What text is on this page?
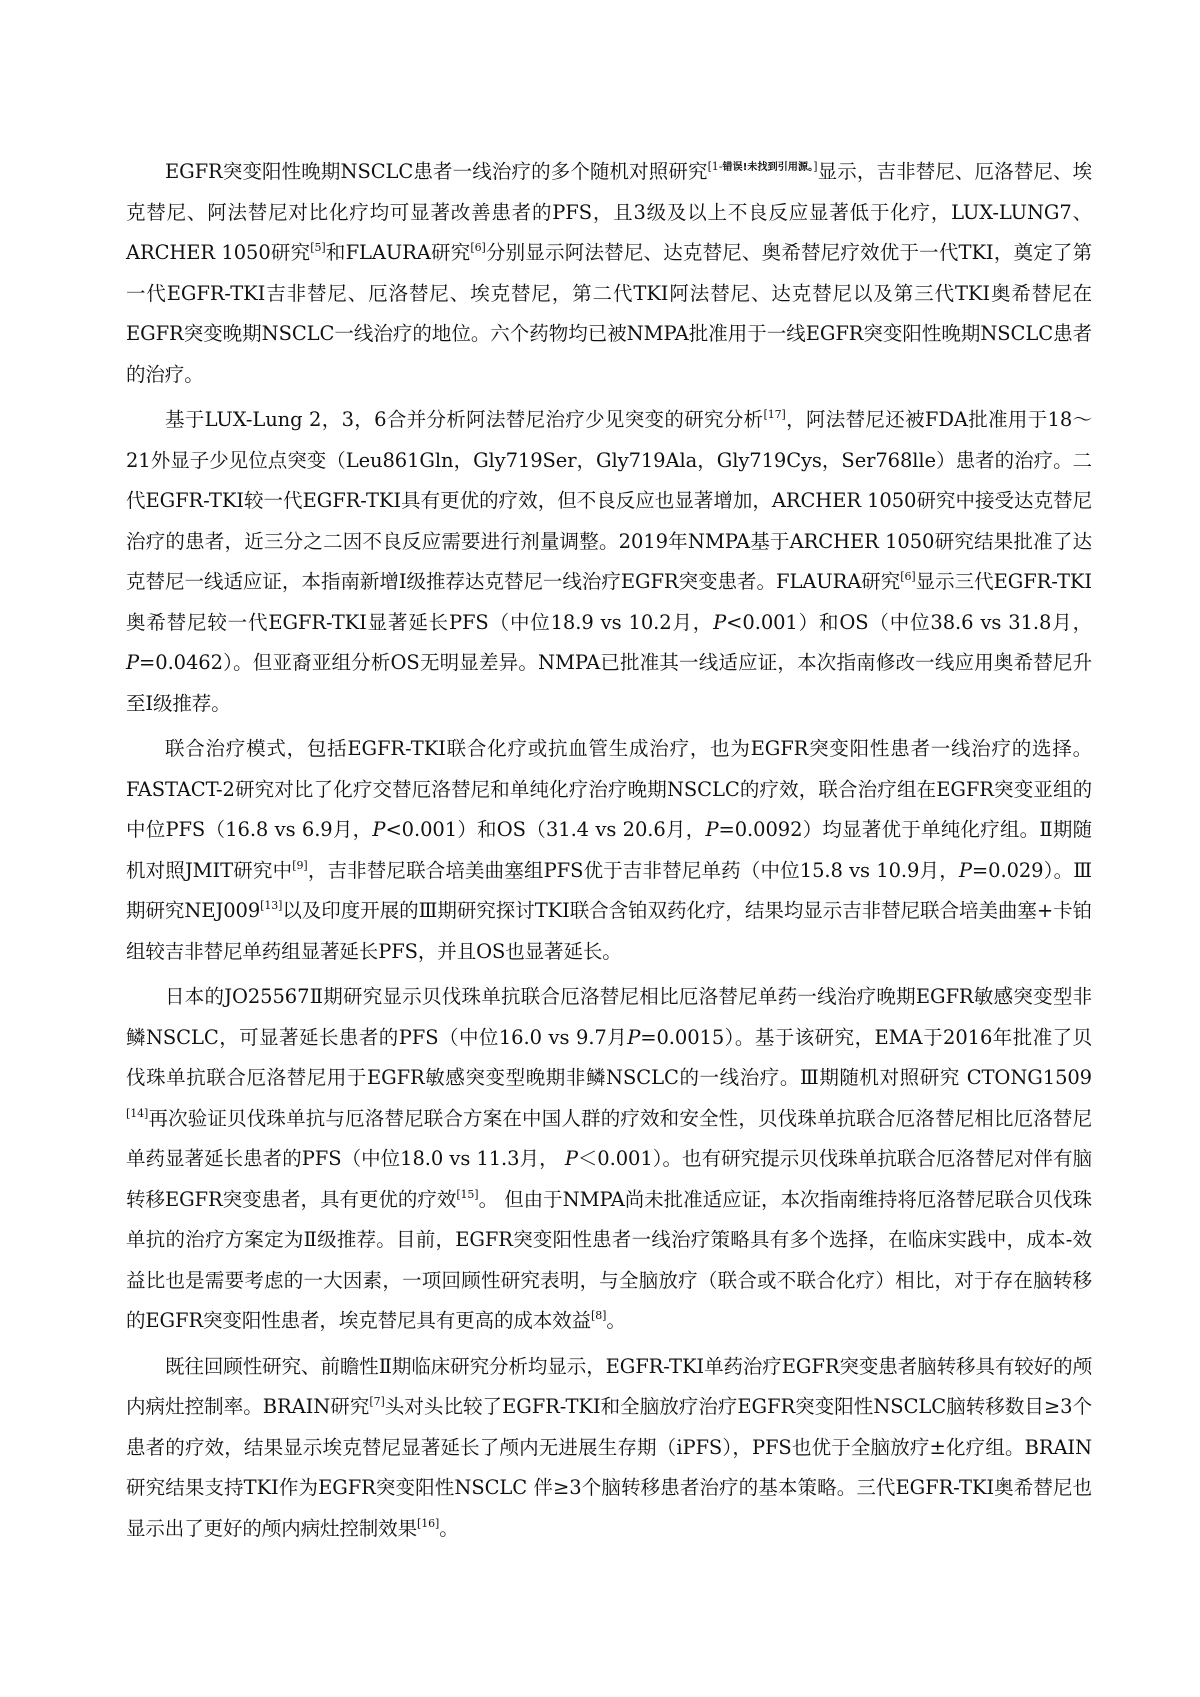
EGFR突变阳性晚期NSCLC患者一线治疗的多个随机对照研究[1-错误!未找到引用源。]显示，吉非替尼、厄洛替尼、埃克替尼、阿法替尼对比化疗均可显著改善患者的PFS，且3级及以上不良反应显著低于化疗，LUX-LUNG7、ARCHER 1050研究[5]和FLAURA研究[6]分别显示阿法替尼、达克替尼、奥希替尼疗效优于一代TKI，奠定了第一代EGFR-TKI吉非替尼、厄洛替尼、埃克替尼，第二代TKI阿法替尼、达克替尼以及第三代TKI奥希替尼在EGFR突变晚期NSCLC一线治疗的地位。六个药物均已被NMPA批准用于一线EGFR突变阳性晚期NSCLC患者的治疗。

基于LUX-Lung 2，3，6合并分析阿法替尼治疗少见突变的研究分析[17]，阿法替尼还被FDA批准用于18～21外显子少见位点突变（Leu861Gln，Gly719Ser，Gly719Ala，Gly719Cys，Ser768lle）患者的治疗。二代EGFR-TKI较一代EGFR-TKI具有更优的疗效，但不良反应也显著增加，ARCHER 1050研究中接受达克替尼治疗的患者，近三分之二因不良反应需要进行剂量调整。2019年NMPA基于ARCHER 1050研究结果批准了达克替尼一线适应证，本指南新增Ⅰ级推荐达克替尼一线治疗EGFR突变患者。FLAURA研究[6]显示三代EGFR-TKI奥希替尼较一代EGFR-TKI显著延长PFS（中位18.9 vs 10.2月，P<0.001）和OS（中位38.6 vs 31.8月，P=0.0462）。但亚裔亚组分析OS无明显差异。NMPA已批准其一线适应证，本次指南修改一线应用奥希替尼升至Ⅰ级推荐。

联合治疗模式，包括EGFR-TKI联合化疗或抗血管生成治疗，也为EGFR突变阳性患者一线治疗的选择。FASTACT-2研究对比了化疗交替厄洛替尼和单纯化疗治疗晚期NSCLC的疗效，联合治疗组在EGFR突变亚组的中位PFS（16.8 vs 6.9月，P<0.001）和OS（31.4 vs 20.6月，P=0.0092）均显著优于单纯化疗组。Ⅱ期随机对照JMIT研究中[9]，吉非替尼联合培美曲塞组PFS优于吉非替尼单药（中位15.8 vs 10.9月，P=0.029）。Ⅲ期研究NEJ009[13]以及印度开展的Ⅲ期研究探讨TKI联合含铂双药化疗，结果均显示吉非替尼联合培美曲塞+卡铂组较吉非替尼单药组显著延长PFS，并且OS也显著延长。

日本的JO25567Ⅱ期研究显示贝伐珠单抗联合厄洛替尼相比厄洛替尼单药一线治疗晚期EGFR敏感突变型非鳞NSCLC，可显著延长患者的PFS（中位16.0 vs 9.7月P=0.0015）。基于该研究，EMA于2016年批准了贝伐珠单抗联合厄洛替尼用于EGFR敏感突变型晚期非鳞NSCLC的一线治疗。Ⅲ期随机对照研究 CTONG1509 [14]再次验证贝伐珠单抗与厄洛替尼联合方案在中国人群的疗效和安全性，贝伐珠单抗联合厄洛替尼相比厄洛替尼单药显著延长患者的PFS（中位18.0 vs 11.3月， P＜0.001）。也有研究提示贝伐珠单抗联合厄洛替尼对伴有脑转移EGFR突变患者，具有更优的疗效[15]。 但由于NMPA尚未批准适应证，本次指南维持将厄洛替尼联合贝伐珠单抗的治疗方案定为Ⅱ级推荐。目前，EGFR突变阳性患者一线治疗策略具有多个选择，在临床实践中，成本-效益比也是需要考虑的一大因素，一项回顾性研究表明，与全脑放疗（联合或不联合化疗）相比，对于存在脑转移的EGFR突变阳性患者，埃克替尼具有更高的成本效益[8]。

既往回顾性研究、前瞻性Ⅱ期临床研究分析均显示，EGFR-TKI单药治疗EGFR突变患者脑转移具有较好的颅内病灶控制率。BRAIN研究[7]头对头比较了EGFR-TKI和全脑放疗治疗EGFR突变阳性NSCLC脑转移数目≥3个患者的疗效，结果显示埃克替尼显著延长了颅内无进展生存期（iPFS），PFS也优于全脑放疗±化疗组。BRAIN研究结果支持TKI作为EGFR突变阳性NSCLC 伴≥3个脑转移患者治疗的基本策略。三代EGFR-TKI奥希替尼也显示出了更好的颅内病灶控制效果[16]。
